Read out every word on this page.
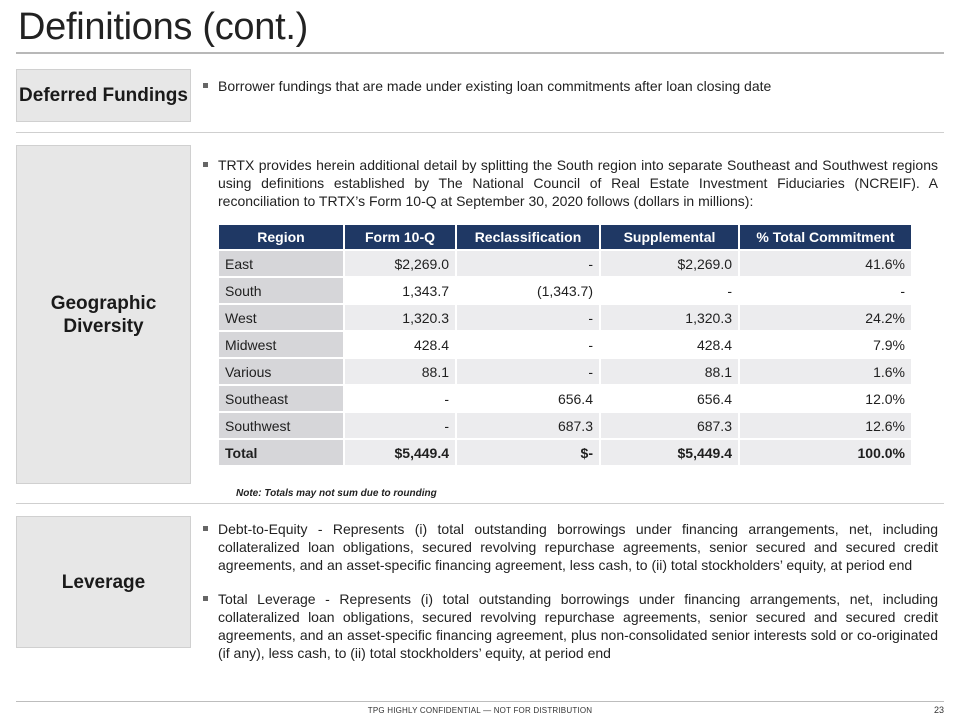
Definitions (cont.)
Deferred Fundings Borrower fundings that are made under existing loan commitments after loan closing date
Geographic Diversity
TRTX provides herein additional detail by splitting the South region into separate Southeast and Southwest regions using definitions established by The National Council of Real Estate Investment Fiduciaries (NCREIF). A reconciliation to TRTX’s Form 10-Q at September 30, 2020 follows (dollars in millions):
Region	Form 10-Q	Reclassification	Supplemental	% Total Commitment
East	$2,269.0	-	$2,269.0	41.6%
South	1,343.7	(1,343.7)	-	-
West	1,320.3	-	1,320.3	24.2%
Midwest	428.4	-	428.4	7.9%
Various	88.1	-	88.1	1.6%
Southeast	-	656.4	656.4	12.0%
Southwest	-	687.3	687.3	12.6%
Total	$5,449.4	$-	$5,449.4	100.0%
Note: Totals may not sum due to rounding
Leverage
Debt-to-Equity - Represents (i) total outstanding borrowings under financing arrangements, net, including collateralized loan obligations, secured revolving repurchase agreements, senior secured and secured credit agreements, and an asset-specific financing agreement, less cash, to (ii) total stockholders’ equity, at period end
Total Leverage - Represents (i) total outstanding borrowings under financing arrangements, net, including collateralized loan obligations, secured revolving repurchase agreements, senior secured and secured credit agreements, and an asset-specific financing agreement, plus non-consolidated senior interests sold or co-originated (if any), less cash, to (ii) total stockholders’ equity, at period end
TPG HIGHLY CONFIDENTIAL — NOT FOR DISTRIBUTION	23
